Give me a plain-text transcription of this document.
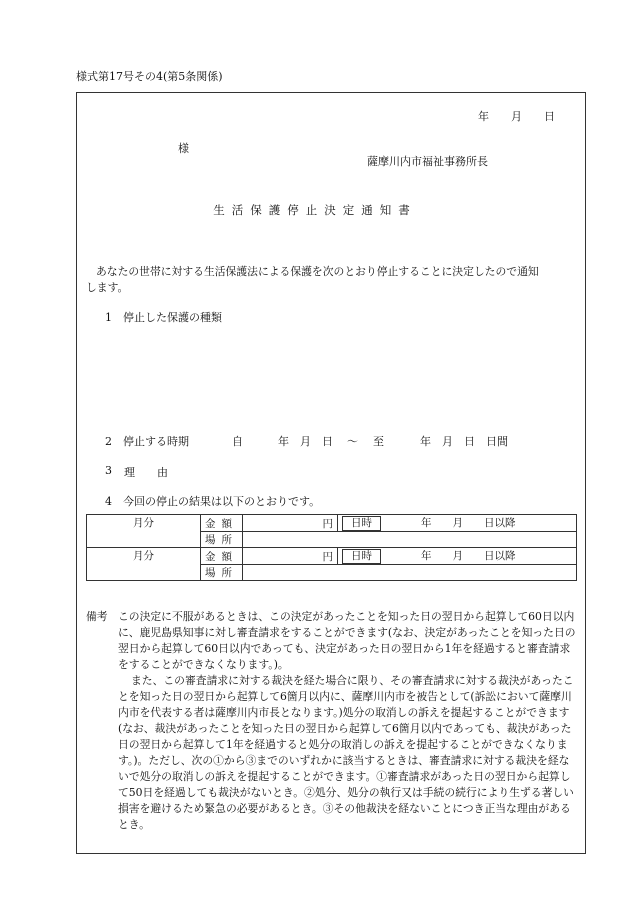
様式第17号その4(第5条関係)
年　　月　　日
様
薩摩川内市福祉事務所長
生活保護停止決定通知書
あなたの世帯に対する生活保護法による保護を次のとおり停止することに決定したので通知
します。
1　停止した保護の種類
2　停止する時期	自	年　月　日 ～ 至	年　月　日　日間
3 理　　由
4　今回の停止の結果は以下のとおりです。
月分	金額	円	日時 年　　月　　日以降
	場所		
月分	金額	円	日時 年　　月　　日以降
	場所		
備考 この決定に不服があるときは、この決定があったことを知った日の翌日から起算して60日以内に、鹿児島県知事に対し審査請求をすることができます(なお、決定があったことを知った日の翌日から起算して60日以内であっても、決定があった日の翌日から1年を経過すると審査請求をすることができなくなります。)。
また、この審査請求に対する裁決を経た場合に限り、その審査請求に対する裁決があったことを知った日の翌日から起算して6箇月以内に、薩摩川内市を被告として(訴訟において薩摩川内市を代表する者は薩摩川内市長となります。)処分の取消しの訴えを提起することができます(なお、裁決があったことを知った日の翌日から起算して6箇月以内であっても、裁決があった日の翌日から起算して1年を経過すると処分の取消しの訴えを提起することができなくなります。)。ただし、次の①から③までのいずれかに該当するときは、審査請求に対する裁決を経ないで処分の取消しの訴えを提起することができます。①審査請求があった日の翌日から起算して50日を経過しても裁決がないとき。②処分、処分の執行又は手続の続行により生ずる著しい損害を避けるため緊急の必要があるとき。③その他裁決を経ないことにつき正当な理由があるとき。
